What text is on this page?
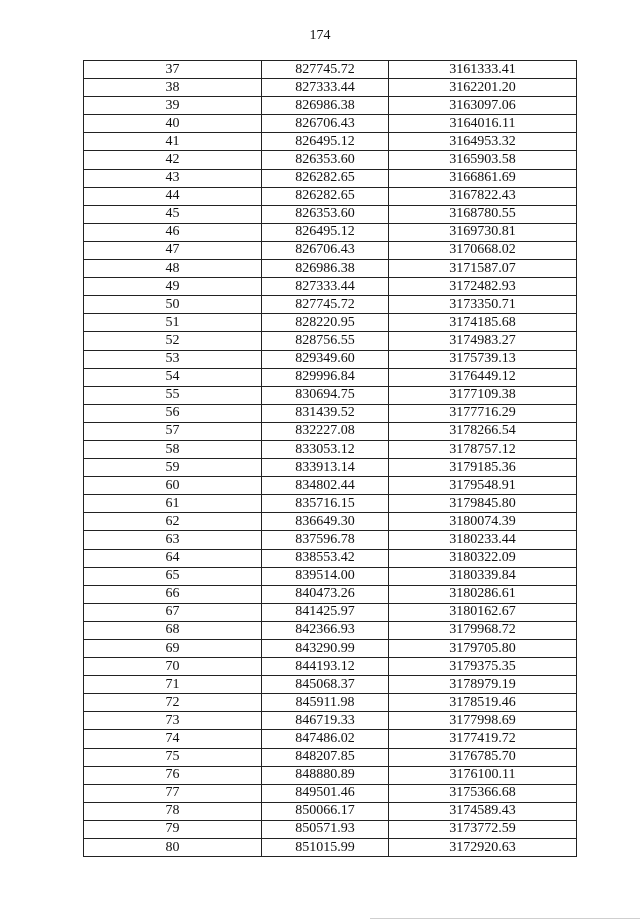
174
37	827745.72	3161333.41
38	827333.44	3162201.20
39	826986.38	3163097.06
40	826706.43	3164016.11
41	826495.12	3164953.32
42	826353.60	3165903.58
43	826282.65	3166861.69
44	826282.65	3167822.43
45	826353.60	3168780.55
46	826495.12	3169730.81
47	826706.43	3170668.02
48	826986.38	3171587.07
49	827333.44	3172482.93
50	827745.72	3173350.71
51	828220.95	3174185.68
52	828756.55	3174983.27
53	829349.60	3175739.13
54	829996.84	3176449.12
55	830694.75	3177109.38
56	831439.52	3177716.29
57	832227.08	3178266.54
58	833053.12	3178757.12
59	833913.14	3179185.36
60	834802.44	3179548.91
61	835716.15	3179845.80
62	836649.30	3180074.39
63	837596.78	3180233.44
64	838553.42	3180322.09
65	839514.00	3180339.84
66	840473.26	3180286.61
67	841425.97	3180162.67
68	842366.93	3179968.72
69	843290.99	3179705.80
70	844193.12	3179375.35
71	845068.37	3178979.19
72	845911.98	3178519.46
73	846719.33	3177998.69
74	847486.02	3177419.72
75	848207.85	3176785.70
76	848880.89	3176100.11
77	849501.46	3175366.68
78	850066.17	3174589.43
79	850571.93	3173772.59
80	851015.99	3172920.63
